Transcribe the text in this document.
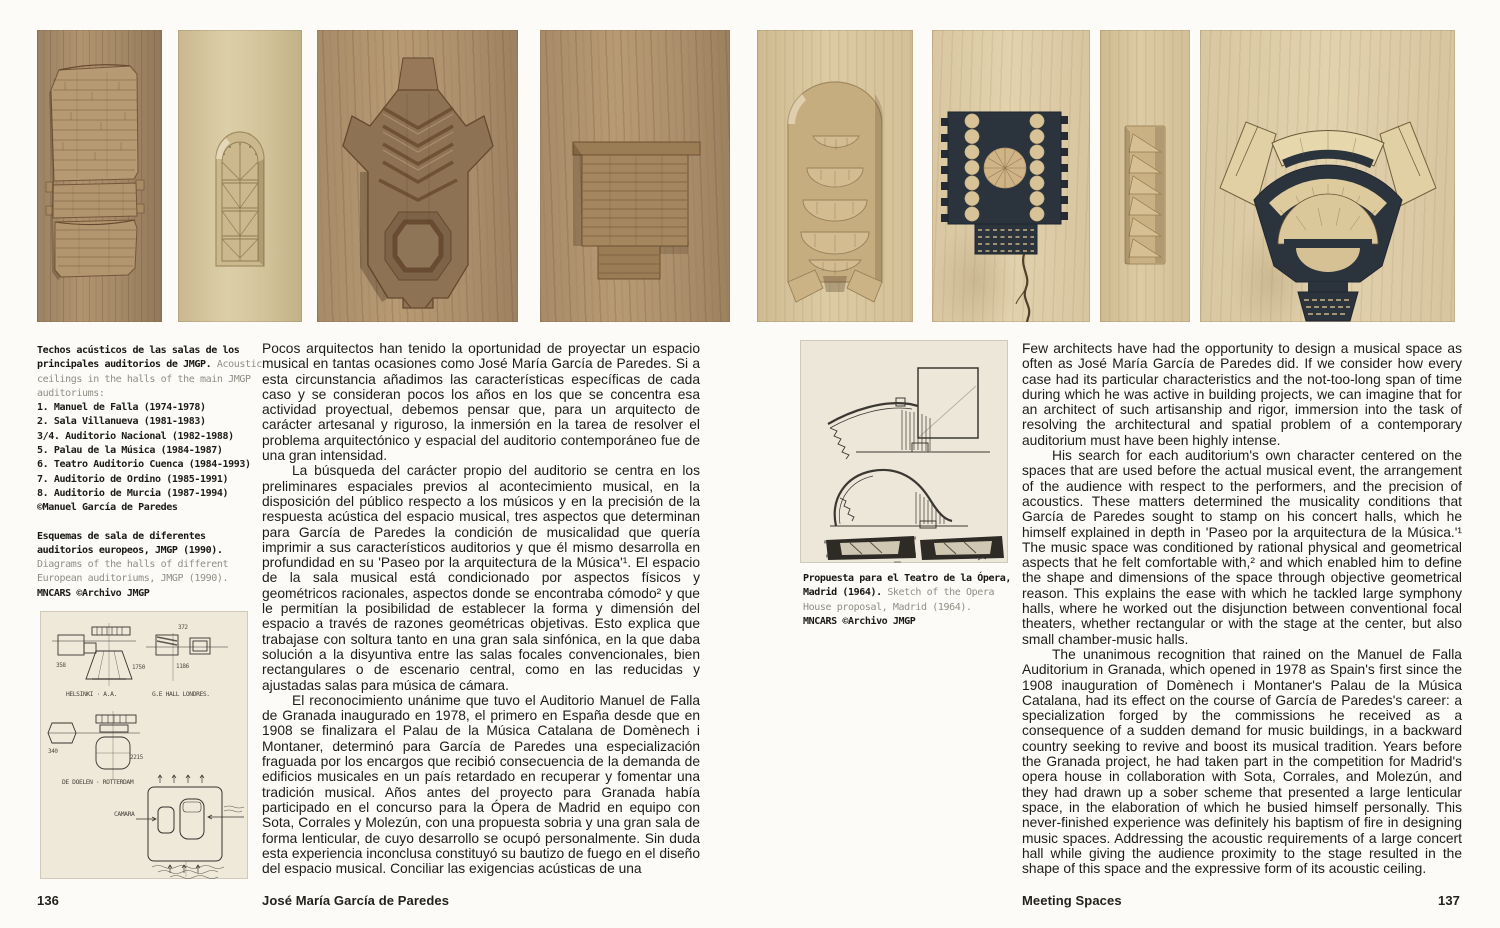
Techos acústicos de las salas de los principales auditorios de JMGP. Acoustic ceilings in the halls of the main JMGP auditoriums:
1. Manuel de Falla (1974-1978)
2. Sala Villanueva (1981-1983)
3/4. Auditorio Nacional (1982-1988)
5. Palau de la Música (1984-1987)
6. Teatro Auditorio Cuenca (1984-1993)
7. Auditorio de Ordino (1985-1991)
8. Auditorio de Murcia (1987-1994)
©Manuel García de Paredes
Esquemas de sala de diferentes auditorios europeos, JMGP (1990). Diagrams of the halls of different European auditoriums, JMGP (1990).
MNCARS ©Archivo JMGP

Pocos arquitectos han tenido la oportunidad de proyectar un espacio musical en tantas ocasiones como José María García de Paredes. Si a esta circunstancia añadimos las características específicas de cada caso y se consideran pocos los años en los que se concentra esa actividad proyectual, debemos pensar que, para un arquitecto de carácter artesanal y riguroso, la inmersión en la tarea de resolver el problema arquitectónico y espacial del auditorio contemporáneo fue de una gran intensidad.

La búsqueda del carácter propio del auditorio se centra en los preliminares espaciales previos al acontecimiento musical, en la disposición del público respecto a los músicos y en la precisión de la respuesta acústica del espacio musical, tres aspectos que determinan para García de Paredes la condición de musicalidad que quería imprimir a sus característicos auditorios y que él mismo desarrolla en profundidad en su 'Paseo por la arquitectura de la Música'¹. El espacio de la sala musical está condicionado por aspectos físicos y geométricos racionales, aspectos donde se encontraba cómodo² y que le permitían la posibilidad de establecer la forma y dimensión del espacio a través de razones geométricas objetivas. Esto explica que trabajase con soltura tanto en una gran sala sinfónica, en la que daba solución a la disyuntiva entre las salas focales convencionales, bien rectangulares o de escenario central, como en las reducidas y ajustadas salas para música de cámara.

El reconocimiento unánime que tuvo el Auditorio Manuel de Falla de Granada inaugurado en 1978, el primero en España desde que en 1908 se finalizara el Palau de la Música Catalana de Domènech i Montaner, determinó para García de Paredes una especialización fraguada por los encargos que recibió consecuencia de la demanda de edificios musicales en un país retardado en recuperar y fomentar una tradición musical. Años antes del proyecto para Granada había participado en el concurso para la Ópera de Madrid en equipo con Sota, Corrales y Molezún, con una propuesta sobria y una gran sala de forma lenticular, de cuyo desarrollo se ocupó personalmente. Sin duda esta experiencia inconclusa constituyó su bautizo de fuego en el diseño del espacio musical. Conciliar las exigencias acústicas de una

Propuesta para el Teatro de la Ópera, Madrid (1964). Sketch of the Opera House proposal, Madrid (1964).
MNCARS ©Archivo JMGP

Few architects have had the opportunity to design a musical space as often as José María García de Paredes did. If we consider how every case had its particular characteristics and the not-too-long span of time during which he was active in building projects, we can imagine that for an architect of such artisanship and rigor, immersion into the task of resolving the architectural and spatial problem of a contemporary auditorium must have been highly intense.

His search for each auditorium's own character centered on the spaces that are used before the actual musical event, the arrangement of the audience with respect to the performers, and the precision of acoustics. These matters determined the musicality conditions that García de Paredes sought to stamp on his concert halls, which he himself explained in depth in 'Paseo por la arquitectura de la Música.'¹ The music space was conditioned by rational physical and geometrical aspects that he felt comfortable with,² and which enabled him to define the shape and dimensions of the space through objective geometrical reason. This explains the ease with which he tackled large symphony halls, where he worked out the disjunction between conventional focal theaters, whether rectangular or with the stage at the center, but also small chamber-music halls.

The unanimous recognition that rained on the Manuel de Falla Auditorium in Granada, which opened in 1978 as Spain's first since the 1908 inauguration of Domènech i Montaner's Palau de la Música Catalana, had its effect on the course of García de Paredes's career: a specialization forged by the commissions he received as a consequence of a sudden demand for music buildings, in a backward country seeking to revive and boost its musical tradition. Years before the Granada project, he had taken part in the competition for Madrid's opera house in collaboration with Sota, Corrales, and Molezún, and they had drawn up a sober scheme that presented a large lenticular space, in the elaboration of which he busied himself personally. This never-finished experience was definitely his baptism of fire in designing music spaces. Addressing the acoustic requirements of a large concert hall while giving the audience proximity to the stage resulted in the shape of this space and the expressive form of its acoustic ceiling.

358	1750
HELSINKI · A.A.
372
1186
G.E HALL LONDRES.
340
2215
DE DOELEN · ROTTERDAM
CAMARA
136	José María García de Paredes	Meeting Spaces	137
